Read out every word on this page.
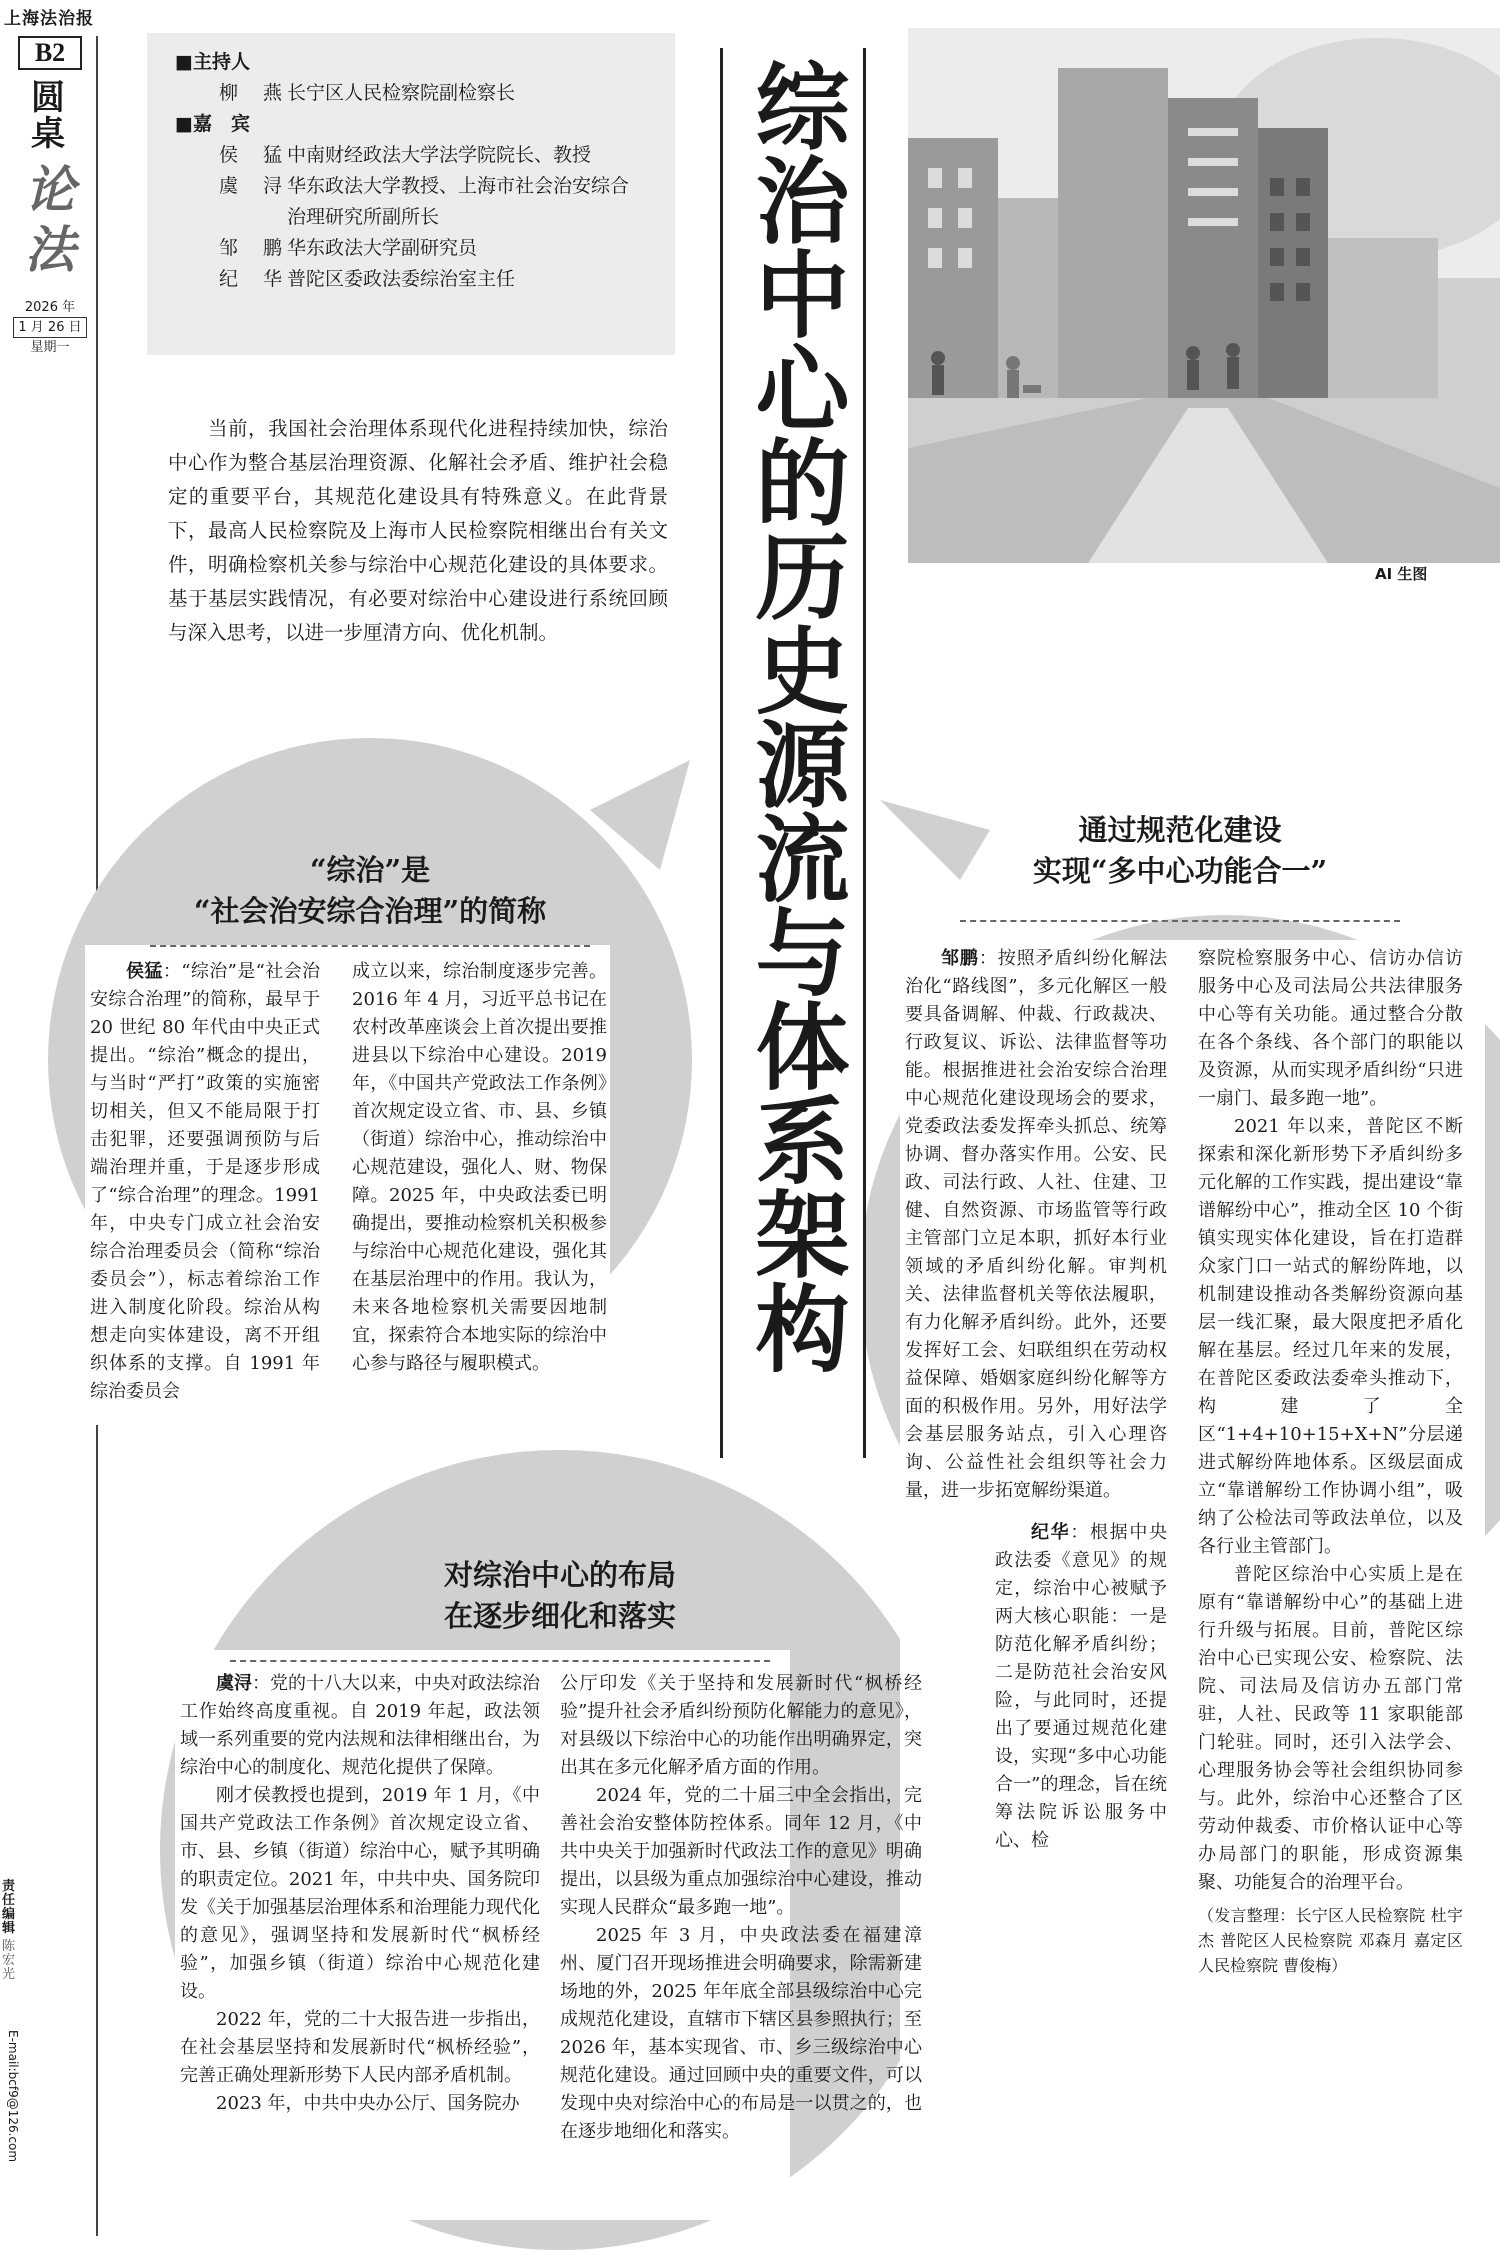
上海法治报
B2
圆桌
论法
2026 年
1 月 26 日
星期一
责任编辑
陈宏光
E-mail:bcf9@126.com
■主持人
柳　燕 长宁区人民检察院副检察长
■嘉　宾
侯　猛 中南财经政法大学法学院院长、教授
虞　浔 华东政法大学教授、上海市社会治安综合治理研究所副所长
邹　鹏 华东政法大学副研究员
纪　华 普陀区委政法委综治室主任
当前，我国社会治理体系现代化进程持续加快，综治中心作为整合基层治理资源、化解社会矛盾、维护社会稳定的重要平台，其规范化建设具有特殊意义。在此背景下，最高人民检察院及上海市人民检察院相继出台有关文件，明确检察机关参与综治中心规范化建设的具体要求。基于基层实践情况，有必要对综治中心建设进行系统回顾与深入思考，以进一步厘清方向、优化机制。
AI 生图
综治中心的历史源流与体系架构
“综治”是
“社会治安综合治理”的简称

侯猛：“综治”是“社会治安综合治理”的简称，最早于 20 世纪 80 年代由中央正式提出。“综治”概念的提出，与当时“严打”政策的实施密切相关，但又不能局限于打击犯罪，还要强调预防与后端治理并重，于是逐步形成了“综合治理”的理念。1991 年，中央专门成立社会治安综合治理委员会（简称“综治委员会”），标志着综治工作进入制度化阶段。综治从构想走向实体建设，离不开组织体系的支撑。自 1991 年综治委员会

成立以来，综治制度逐步完善。2016 年 4 月，习近平总书记在农村改革座谈会上首次提出要推进县以下综治中心建设。2019 年，《中国共产党政法工作条例》首次规定设立省、市、县、乡镇（街道）综治中心，推动综治中心规范建设，强化人、财、物保障。2025 年，中央政法委已明确提出，要推动检察机关积极参与综治中心规范化建设，强化其在基层治理中的作用。我认为，未来各地检察机关需要因地制宜，探索符合本地实际的综治中心参与路径与履职模式。

通过规范化建设
实现“多中心功能合一”

邹鹏：按照矛盾纠纷化解法治化“路线图”，多元化解区一般要具备调解、仲裁、行政裁决、行政复议、诉讼、法律监督等功能。根据推进社会治安综合治理中心规范化建设现场会的要求，党委政法委发挥牵头抓总、统筹协调、督办落实作用。公安、民政、司法行政、人社、住建、卫健、自然资源、市场监管等行政主管部门立足本职，抓好本行业领域的矛盾纠纷化解。审判机关、法律监督机关等依法履职，有力化解矛盾纠纷。此外，还要发挥好工会、妇联组织在劳动权益保障、婚姻家庭纠纷化解等方面的积极作用。另外，用好法学会基层服务站点，引入心理咨询、公益性社会组织等社会力量，进一步拓宽解纷渠道。

纪华：根据中央政法委《意见》的规定，综治中心被赋予两大核心职能：一是防范化解矛盾纠纷；二是防范社会治安风险，与此同时，还提出了要通过规范化建设，实现“多中心功能合一”的理念，旨在统筹法院诉讼服务中心、检

察院检察服务中心、信访办信访服务中心及司法局公共法律服务中心等有关功能。通过整合分散在各个条线、各个部门的职能以及资源，从而实现矛盾纠纷“只进一扇门、最多跑一地”。

2021 年以来，普陀区不断探索和深化新形势下矛盾纠纷多元化解的工作实践，提出建设“靠谱解纷中心”，推动全区 10 个街镇实现实体化建设，旨在打造群众家门口一站式的解纷阵地，以机制建设推动各类解纷资源向基层一线汇聚，最大限度把矛盾化解在基层。经过几年来的发展，在普陀区委政法委牵头推动下，构建了全区“1+4+10+15+X+N”分层递进式解纷阵地体系。区级层面成立“靠谱解纷工作协调小组”，吸纳了公检法司等政法单位，以及各行业主管部门。

普陀区综治中心实质上是在原有“靠谱解纷中心”的基础上进行升级与拓展。目前，普陀区综治中心已实现公安、检察院、法院、司法局及信访办五部门常驻，人社、民政等 11 家职能部门轮驻。同时，还引入法学会、心理服务协会等社会组织协同参与。此外，综治中心还整合了区劳动仲裁委、市价格认证中心等办局部门的职能，形成资源集聚、功能复合的治理平台。

（发言整理：长宁区人民检察院 杜宇杰 普陀区人民检察院 邓森月 嘉定区人民检察院 曹俊梅）

对综治中心的布局
在逐步细化和落实

虞浔：党的十八大以来，中央对政法综治工作始终高度重视。自 2019 年起，政法领域一系列重要的党内法规和法律相继出台，为综治中心的制度化、规范化提供了保障。

刚才侯教授也提到，2019 年 1 月，《中国共产党政法工作条例》首次规定设立省、市、县、乡镇（街道）综治中心，赋予其明确的职责定位。2021 年，中共中央、国务院印发《关于加强基层治理体系和治理能力现代化的意见》，强调坚持和发展新时代“枫桥经验”，加强乡镇（街道）综治中心规范化建设。

2022 年，党的二十大报告进一步指出，在社会基层坚持和发展新时代“枫桥经验”，完善正确处理新形势下人民内部矛盾机制。

2023 年，中共中央办公厅、国务院办

公厅印发《关于坚持和发展新时代“枫桥经验”提升社会矛盾纠纷预防化解能力的意见》，对县级以下综治中心的功能作出明确界定，突出其在多元化解矛盾方面的作用。

2024 年，党的二十届三中全会指出，完善社会治安整体防控体系。同年 12 月，《中共中央关于加强新时代政法工作的意见》明确提出，以县级为重点加强综治中心建设，推动实现人民群众“最多跑一地”。

2025 年 3 月，中央政法委在福建漳州、厦门召开现场推进会明确要求，除需新建场地的外，2025 年年底全部县级综治中心完成规范化建设，直辖市下辖区县参照执行；至 2026 年，基本实现省、市、乡三级综治中心规范化建设。通过回顾中央的重要文件，可以发现中央对综治中心的布局是一以贯之的，也在逐步地细化和落实。
